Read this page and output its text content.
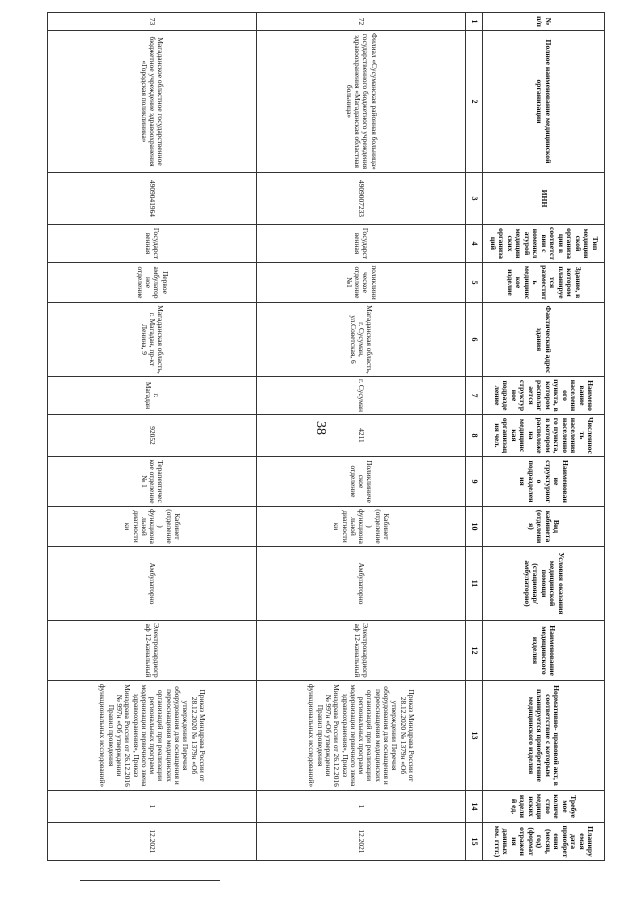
38
№ п/п	Полное наименование медицинской организации	ИНН	Тип медицинской организации в соответствии с номенклатурой медицинских организаций	Здание, в котором планируется разместить медицинское изделие	Фактический адрес здания	Наименование населенного пункта, в котором располагается структурное подразделение	Численность населения населенного пункта, в котором расположена медицинская организация чел.	Наименование структурного подразделения	Вид кабинета (отделения)	Условия оказания медицинской помощи (стационар/амбулаторно)	Наименование медицинского изделия	Нормативно- правовой акт, в соответствие с которым планируется приобретение медицинского изделия	Требуемое количество медицинских изделий ед.	Планируемая дата приобретения (месяц, год) (формат отражения данных мм. гггг.)
1	2	3	4	5	6	7	8	9	10	11	12	13	14	15
72	Филиал «Сусуманская районная больница» государственного бюджетного учреждения здравоохранения «Магаданская областная больница»	4909007233	Государственная	поликлиническое отделение №1	Магаданская область, г. Сусуман, ул.Советская, 6	г. Сусуман	4211	Поликлиническое отделение	Кабинет (отделение) функциональной диагностики	Амбулаторно	Электрокардиограф 12-канальный	Приказ Минздрава России от 28.12.2020 № 1379н «Об утверждении Перечня оборудования для оснащения и переоснащения медицинских организаций при реализации региональных программ модернизации первичного звена здравоохранения», Приказ Минздрава России от 26.12.2016 № 997н «Об утверждении Правил проведения функциональных исследований»	1	12.2021
73	Магаданское областное государственное бюджетное учреждение здравоохранения «Городская поликлиника»	4909041964	Государственная	Первое амбулаторное отделение	Магаданская область, г. Магадан, пр-кт Ленина, 9	г. Магадан	92052	Терапевтическое отделение № 1	Кабинет (отделение) функциональной диагностики	Амбулаторно	Электрокардиограф 12-канальный	Приказ Минздрава России от 28.12.2020 № 1379н «Об утверждении Перечня оборудования для оснащения и переоснащения медицинских организаций при реализации региональных программ модернизации первичного звена здравоохранения», Приказ Минздрава России от 26.12.2016 № 997н «Об утверждении Правил проведения функциональных исследований»	1	12.2021
